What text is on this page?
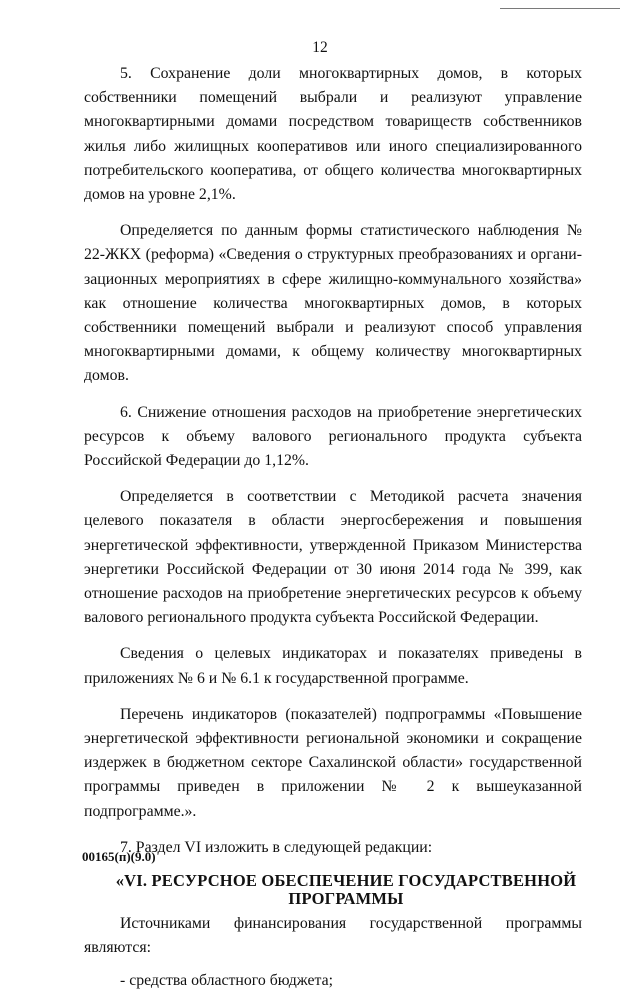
12

5. Сохранение доли многоквартирных домов, в которых собственники помещений выбрали и реализуют управление многоквартирными домами посредством товариществ собственников жилья либо жилищных кооперативов или иного специализированного потребительского кооператива, от общего количества многоквартирных домов на уровне 2,1%.

Определяется по данным формы статистического наблюдения № 22-ЖКХ (реформа) «Сведения о структурных преобразованиях и организационных мероприятиях в сфере жилищно-коммунального хозяйства» как отношение количества многоквартирных домов, в которых собственники помещений выбрали и реализуют способ управления многоквартирными домами, к общему количеству многоквартирных домов.

6. Снижение отношения расходов на приобретение энергетических ресурсов к объему валового регионального продукта субъекта Российской Федерации до 1,12%.

Определяется в соответствии с Методикой расчета значения целевого показателя в области энергосбережения и повышения энергетической эффективности, утвержденной Приказом Министерства энергетики Российской Федерации от 30 июня 2014 года № 399, как отношение расходов на приобретение энергетических ресурсов к объему валового регионального продукта субъекта Российской Федерации.

Сведения о целевых индикаторах и показателях приведены в приложениях № 6 и № 6.1 к государственной программе.

Перечень индикаторов (показателей) подпрограммы «Повышение энергетической эффективности региональной экономики и сокращение издержек в бюджетном секторе Сахалинской области» государственной программы приведен в приложении № 2 к вышеуказанной подпрограмме.».

7. Раздел VI изложить в следующей редакции:

«VI. РЕСУРСНОЕ ОБЕСПЕЧЕНИЕ ГОСУДАРСТВЕННОЙ ПРОГРАММЫ

Источниками финансирования государственной программы являются:

- средства областного бюджета;

00165(п)(9.0)
